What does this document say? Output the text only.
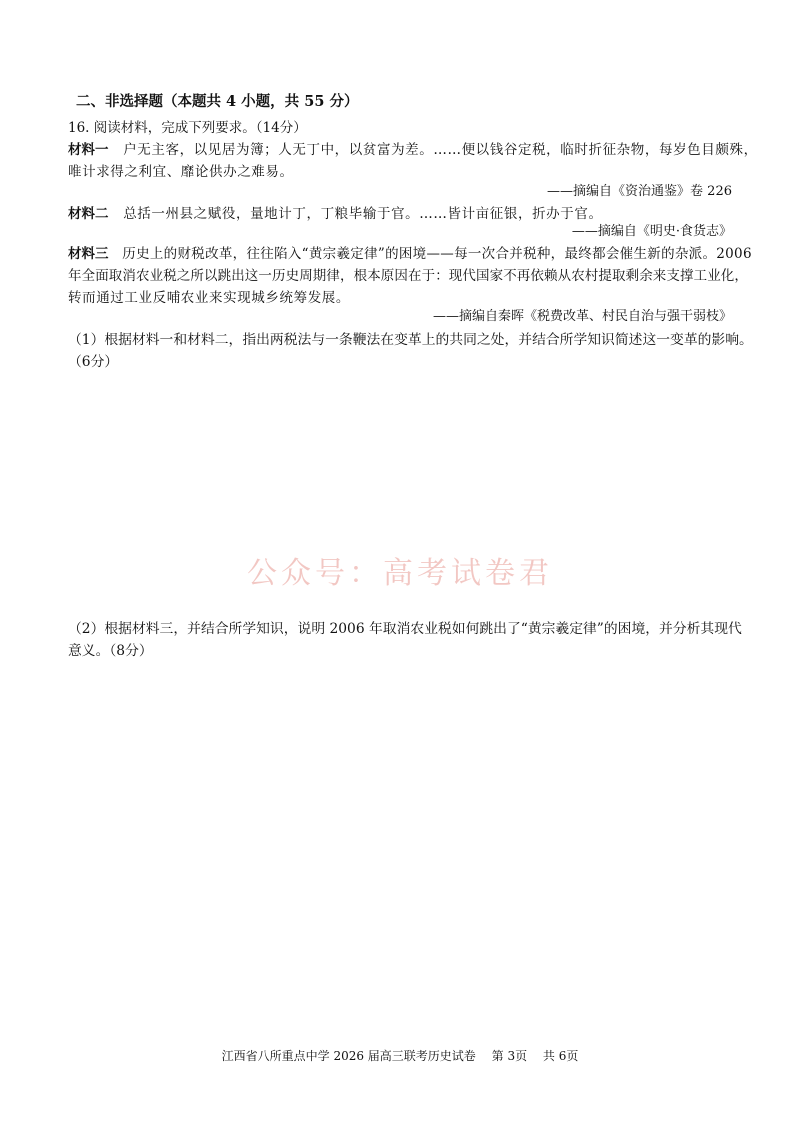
二、非选择题（本题共 4 小题，共 55 分）
16. 阅读材料，完成下列要求。（14分）
材料一 户无主客，以见居为簿；人无丁中，以贫富为差。……便以钱谷定税，临时折征杂物，每岁色目颇殊，
唯计求得之利宜、靡论供办之难易。
——摘编自《资治通鉴》卷 226
材料二 总括一州县之赋役，量地计丁，丁粮毕输于官。……皆计亩征银，折办于官。
——摘编自《明史·食货志》
材料三 历史上的财税改革，往往陷入“黄宗羲定律”的困境——每一次合并税种，最终都会催生新的杂派。2006
年全面取消农业税之所以跳出这一历史周期律，根本原因在于：现代国家不再依赖从农村提取剩余来支撑工业化，
转而通过工业反哺农业来实现城乡统筹发展。
——摘编自秦晖《税费改革、村民自治与强干弱枝》
（1）根据材料一和材料二，指出两税法与一条鞭法在变革上的共同之处，并结合所学知识简述这一变革的影响。
（6分）
公众号：高考试卷君
（2）根据材料三，并结合所学知识，说明 2006 年取消农业税如何跳出了“黄宗羲定律”的困境，并分析其现代
意义。（8分）
江西省八所重点中学 2026 届高三联考历史试卷 第 3页 共 6页
